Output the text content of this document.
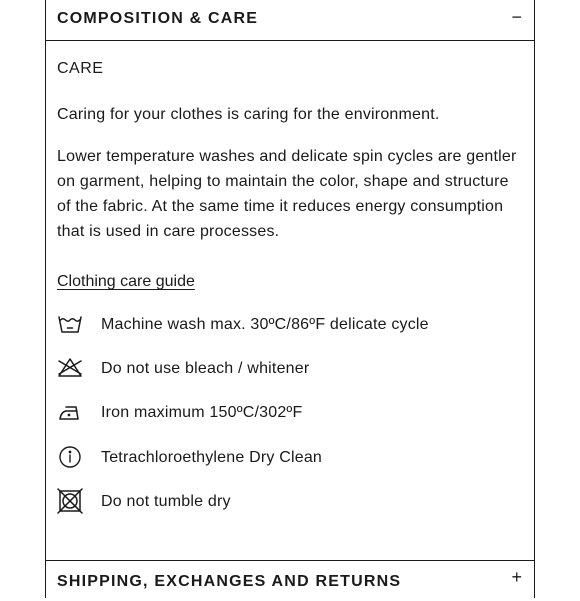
COMPOSITION & CARE	−
CARE
Caring for your clothes is caring for the environment.
Lower temperature washes and delicate spin cycles are gentler on garment, helping to maintain the color, shape and structure of the fabric. At the same time it reduces energy consumption that is used in care processes.
Clothing care guide
Machine wash max. 30ºC/86ºF delicate cycle
Do not use bleach / whitener
Iron maximum 150ºC/302ºF
Tetrachloroethylene Dry Clean
Do not tumble dry
SHIPPING, EXCHANGES AND RETURNS	+
